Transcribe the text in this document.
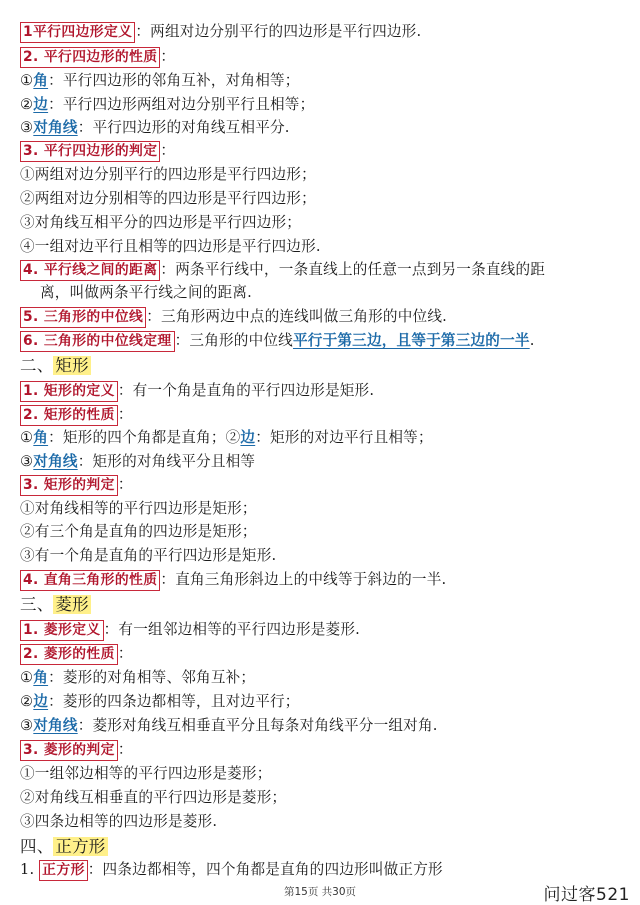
1平行四边形定义 ：两组对边分别平行的四边形是平行四边形.
2. 平行四边形的性质 ：
①角：平行四边形的邻角互补，对角相等；
②边：平行四边形两组对边分别平行且相等；
③对角线：平行四边形的对角线互相平分.
3. 平行四边形的判定 ：
①两组对边分别平行的四边形是平行四边形；
②两组对边分别相等的四边形是平行四边形；
③对角线互相平分的四边形是平行四边形；
④一组对边平行且相等的四边形是平行四边形.
4. 平行线之间的距离 ：两条平行线中，一条直线上的任意一点到另一条直线的距
离，叫做两条平行线之间的距离.
5. 三角形的中位线 ：三角形两边中点的连线叫做三角形的中位线.
6. 三角形的中位线定理 ：三角形的中位线平行于第三边，且等于第三边的一半.
二、 矩形
1. 矩形的定义 ：有一个角是直角的平行四边形是矩形.
2. 矩形的性质 ：
①角：矩形的四个角都是直角；②边：矩形的对边平行且相等；
③对角线：矩形的对角线平分且相等
3. 矩形的判定 ：
①对角线相等的平行四边形是矩形；
②有三个角是直角的四边形是矩形；
③有一个角是直角的平行四边形是矩形.
4. 直角三角形的性质 ：直角三角形斜边上的中线等于斜边的一半.
三、 菱形
1. 菱形定义 ：有一组邻边相等的平行四边形是菱形.
2. 菱形的性质 ：
①角：菱形的对角相等、邻角互补；
②边：菱形的四条边都相等，且对边平行；
③对角线：菱形对角线互相垂直平分且每条对角线平分一组对角.
3. 菱形的判定 ：
①一组邻边相等的平行四边形是菱形；
②对角线互相垂直的平行四边形是菱形；
③四条边相等的四边形是菱形.
四、 正方形
1. 正方形 ：四条边都相等，四个角都是直角的四边形叫做正方形
第15页 共30页	问过客521
